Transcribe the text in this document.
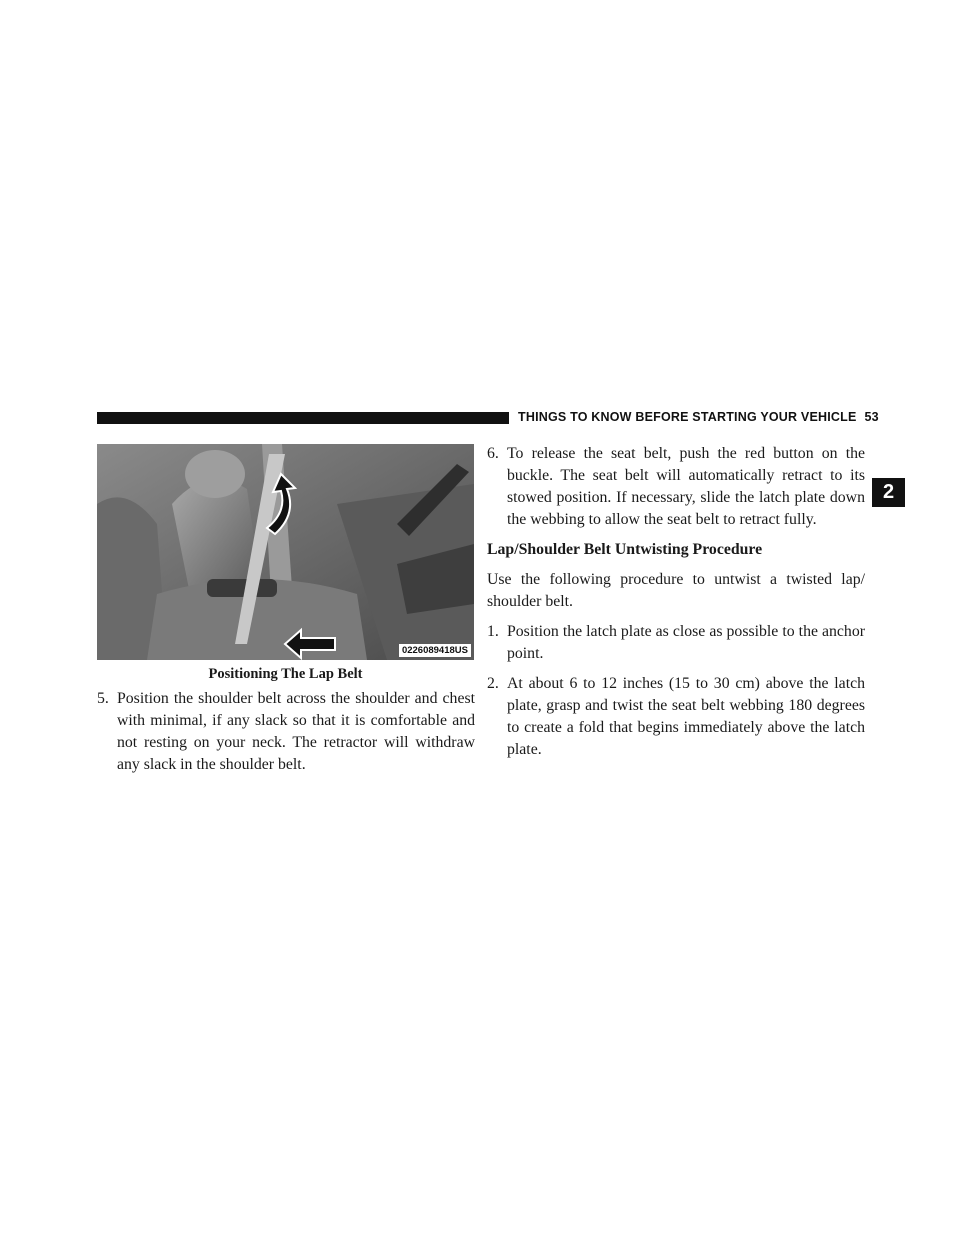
THINGS TO KNOW BEFORE STARTING YOUR VEHICLE 53
2
0226089418US
Positioning The Lap Belt

5. Position the shoulder belt across the shoulder and chest with minimal, if any slack so that it is comfortable and not resting on your neck. The retractor will withdraw any slack in the shoulder belt.

6. To release the seat belt, push the red button on the buckle. The seat belt will automatically retract to its stowed position. If necessary, slide the latch plate down the webbing to allow the seat belt to retract fully.

Lap/Shoulder Belt Untwisting Procedure

Use the following procedure to untwist a twisted lap/ shoulder belt.

1. Position the latch plate as close as possible to the anchor point.

2. At about 6 to 12 inches (15 to 30 cm) above the latch plate, grasp and twist the seat belt webbing 180 degrees to create a fold that begins immediately above the latch plate.
